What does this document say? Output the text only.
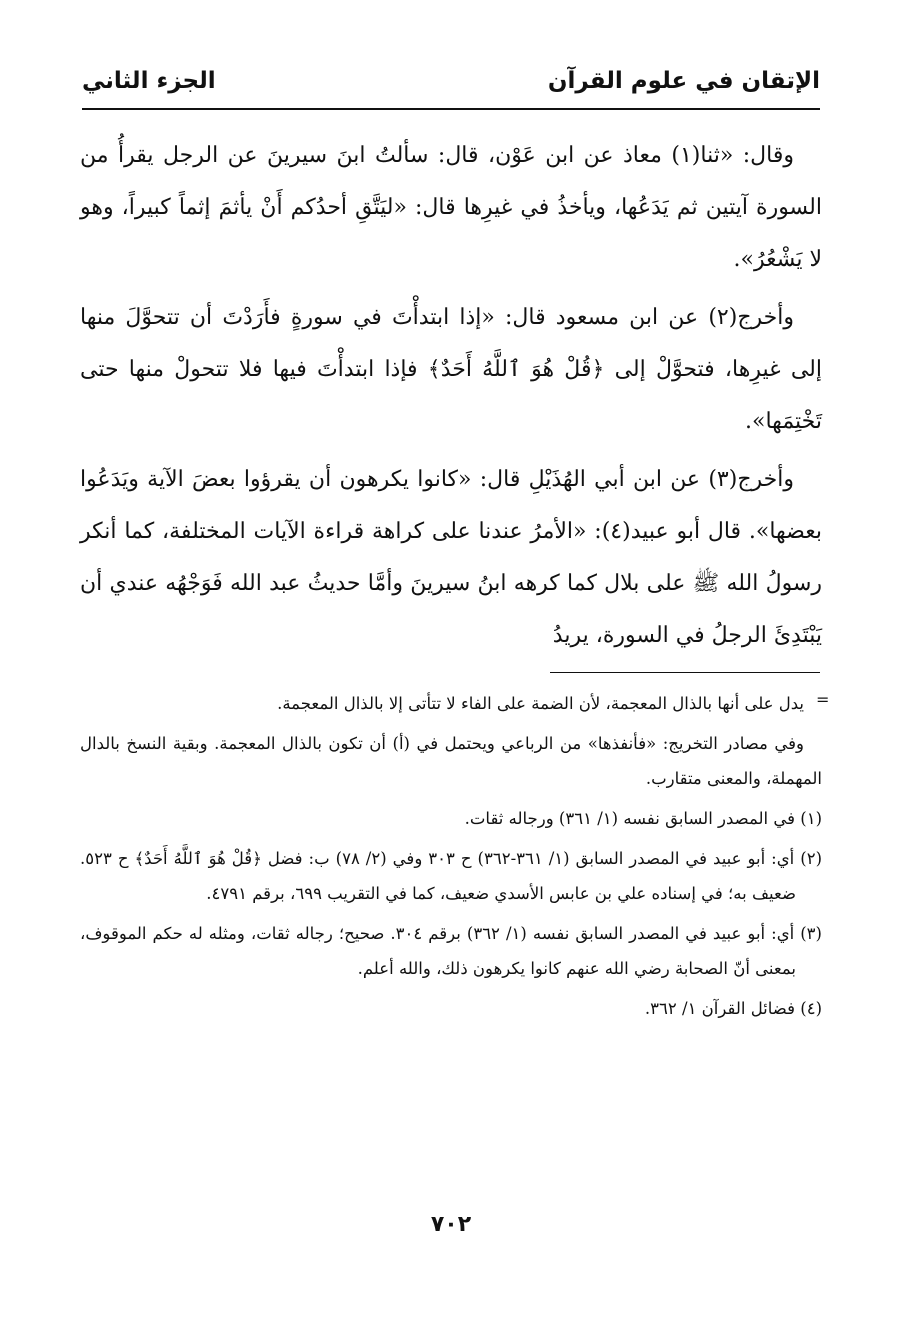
الإتقان في علوم القرآن
الجزء الثاني

وقال: «ثنا(١) معاذ عن ابن عَوْن، قال: سألتُ ابنَ سيرينَ عن الرجل يقرأُ من السورة آيتين ثم يَدَعُها، ويأخذُ في غيرِها قال: «ليَتَّقِ أحدُكم أَنْ يأثمَ إثماً كبيراً، وهو لا يَشْعُرُ».

وأخرج(٢) عن ابن مسعود قال: «إذا ابتدأْتَ في سورةٍ فأَرَدْتَ أن تتحوَّلَ منها إلى غيرِها، فتحوَّلْ إلى ﴿قُلْ هُوَ ٱللَّهُ أَحَدٌ﴾ فإذا ابتدأْتَ فيها فلا تتحولْ منها حتى تَخْتِمَها».

وأخرج(٣) عن ابن أبي الهُذَيْلِ قال: «كانوا يكرهون أن يقرؤوا بعضَ الآية ويَدَعُوا بعضها». قال أبو عبيد(٤): «الأمرُ عندنا على كراهة قراءة الآيات المختلفة، كما أنكر رسولُ الله ﷺ على بلال كما كرهه ابنُ سيرينَ وأمَّا حديثُ عبد الله فَوَجْهُه عندي أن يَبْتَدِئَ الرجلُ في السورة، يريدُ

=

يدل على أنها بالذال المعجمة، لأن الضمة على الفاء لا تتأتى إلا بالذال المعجمة.

وفي مصادر التخريج: «فأنفذها» من الرباعي ويحتمل في (أ) أن تكون بالذال المعجمة. وبقية النسخ بالدال المهملة، والمعنى متقارب.

(١) في المصدر السابق نفسه (١/ ٣٦١) ورجاله ثقات.

(٢) أي: أبو عبيد في المصدر السابق (١/ ٣٦١-٣٦٢) ح ٣٠٣ وفي (٢/ ٧٨) ب: فضل ﴿قُلْ هُوَ ٱللَّهُ أَحَدٌ﴾ ح ٥٢٣. ضعيف به؛ في إسناده علي بن عابس الأسدي ضعيف، كما في التقريب ٦٩٩، برقم ٤٧٩١.

(٣) أي: أبو عبيد في المصدر السابق نفسه (١/ ٣٦٢) برقم ٣٠٤. صحيح؛ رجاله ثقات، ومثله له حكم الموقوف، بمعنى أنّ الصحابة رضي الله عنهم كانوا يكرهون ذلك، والله أعلم.

(٤) فضائل القرآن ١/ ٣٦٢.

٧٠٢
